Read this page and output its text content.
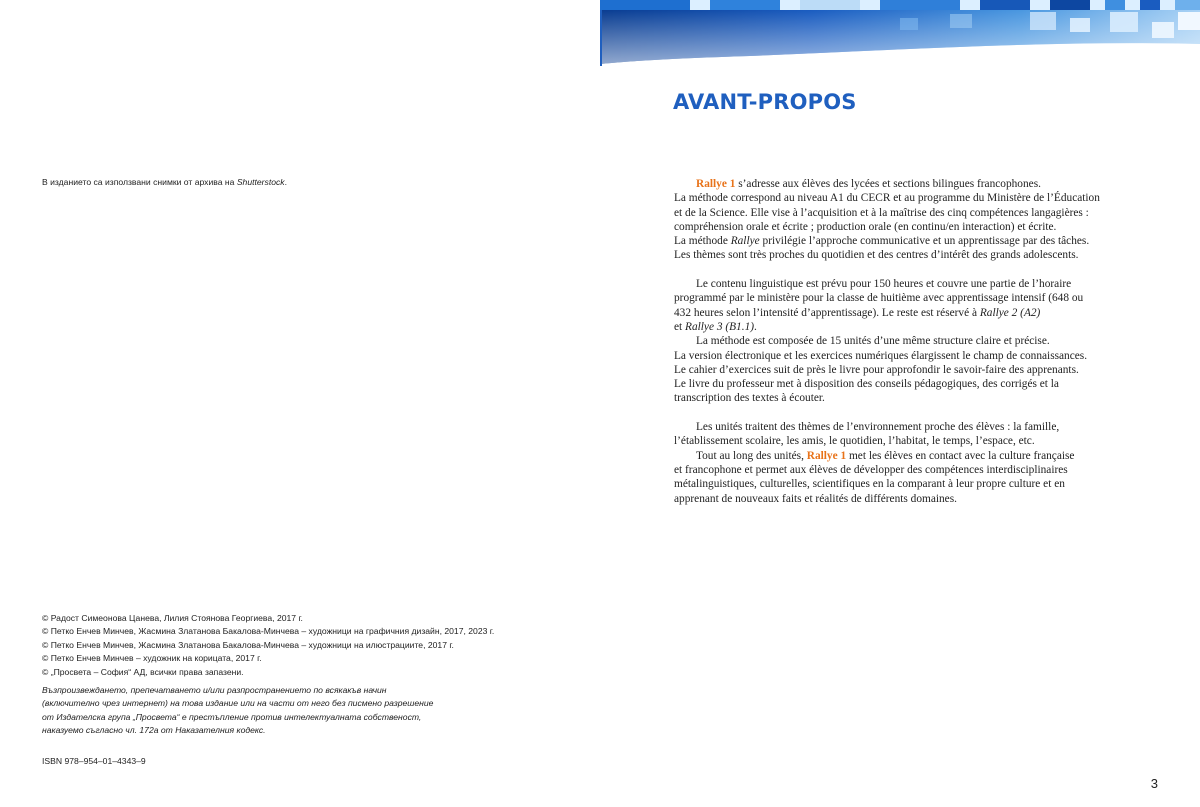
В изданието са използвани снимки от архива на Shutterstock.

© Радост Симеонова Цанева, Лилия Стоянова Георгиева, 2017 г.
© Петко Енчев Минчев, Жасмина Златанова Бакалова-Минчева – художници на графичния дизайн, 2017, 2023 г.
© Петко Енчев Минчев, Жасмина Златанова Бакалова-Минчева – художници на илюстрациите, 2017 г.
© Петко Енчев Минчев – художник на корицата, 2017 г.
© „Просвета – София“ АД, всички права запазени.

Възпроизвеждането, препечатването и/или разпространението по всякакъв начин
(включително чрез интернет) на това издание или на части от него без писмено разрешение
от Издателска група „Просвета“ е престъпление против интелектуалната собственост,
наказуемо съгласно чл. 172а от Наказателния кодекс.

ISBN 978–954–01–4343–9

AVANT-PROPOS
Rallye 1 s’adresse aux élèves des lycées et sections bilingues francophones.
La méthode correspond au niveau A1 du CECR et au programme du Ministère de l’Éducation
et de la Science. Elle vise à l’acquisition et à la maîtrise des cinq compétences langagières :
compréhension orale et écrite ; production orale (en continu/en interaction) et écrite.
La méthode Rallye privilégie l’approche communicative et un apprentissage par des tâches.
Les thèmes sont très proches du quotidien et des centres d’intérêt des grands adolescents.
Le contenu linguistique est prévu pour 150 heures et couvre une partie de l’horaire
programmé par le ministère pour la classe de huitième avec apprentissage intensif (648 ou
432 heures selon l’intensité d’apprentissage). Le reste est réservé à Rallye 2 (A2)
et Rallye 3 (B1.1).
La méthode est composée de 15 unités d’une même structure claire et précise.
La version électronique et les exercices numériques élargissent le champ de connaissances.
Le cahier d’exercices suit de près le livre pour approfondir le savoir-faire des apprenants.
Le livre du professeur met à disposition des conseils pédagogiques, des corrigés et la
transcription des textes à écouter.
Les unités traitent des thèmes de l’environnement proche des élèves : la famille,
l’établissement scolaire, les amis, le quotidien, l’habitat, le temps, l’espace, etc.
Tout au long des unités, Rallye 1 met les élèves en contact avec la culture française
et francophone et permet aux élèves de développer des compétences interdisciplinaires
métalinguistiques, culturelles, scientifiques en la comparant à leur propre culture et en
apprenant de nouveaux faits et réalités de différents domaines.

3
